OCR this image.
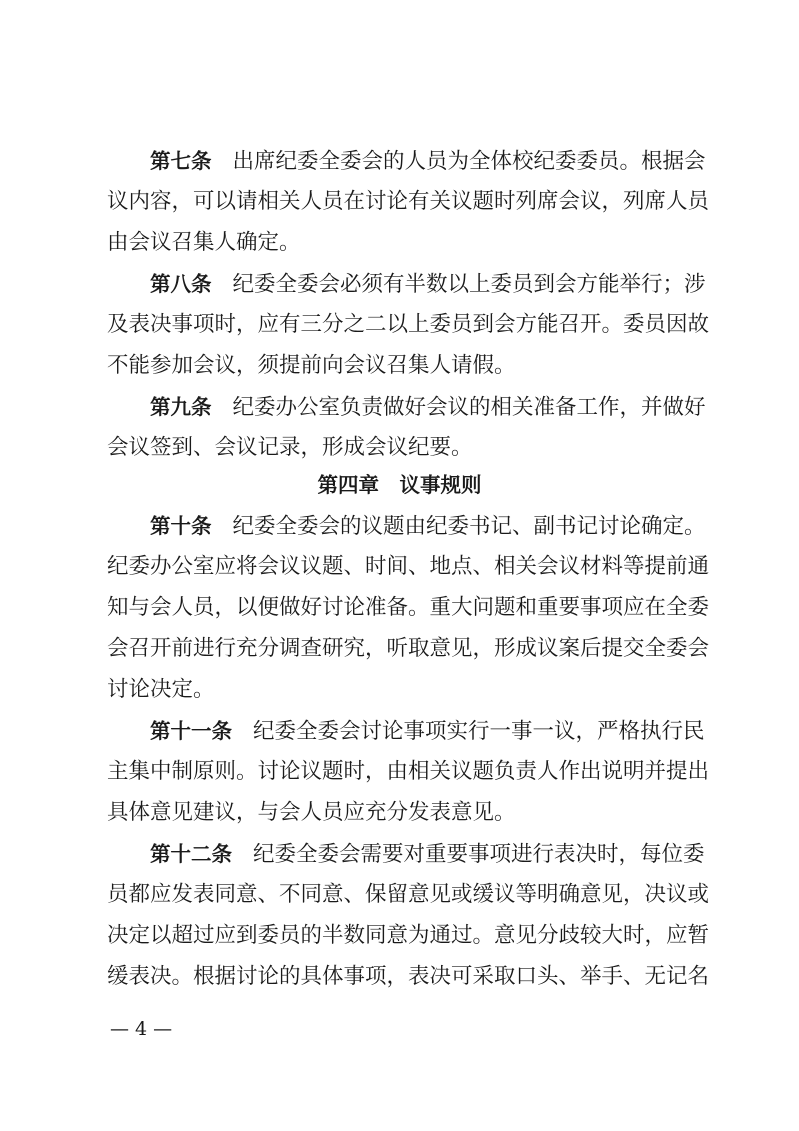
第七条 出席纪委全委会的人员为全体校纪委委员。根据会
议内容，可以请相关人员在讨论有关议题时列席会议，列席人员
由会议召集人确定。
第八条 纪委全委会必须有半数以上委员到会方能举行；涉
及表决事项时，应有三分之二以上委员到会方能召开。委员因故
不能参加会议，须提前向会议召集人请假。
第九条 纪委办公室负责做好会议的相关准备工作，并做好
会议签到、会议记录，形成会议纪要。
第四章　议事规则
第十条 纪委全委会的议题由纪委书记、副书记讨论确定。
纪委办公室应将会议议题、时间、地点、相关会议材料等提前通
知与会人员，以便做好讨论准备。重大问题和重要事项应在全委
会召开前进行充分调查研究，听取意见，形成议案后提交全委会
讨论决定。
第十一条 纪委全委会讨论事项实行一事一议，严格执行民
主集中制原则。讨论议题时，由相关议题负责人作出说明并提出
具体意见建议，与会人员应充分发表意见。
第十二条 纪委全委会需要对重要事项进行表决时，每位委
员都应发表同意、不同意、保留意见或缓议等明确意见，决议或
决定以超过应到委员的半数同意为通过。意见分歧较大时，应暂
缓表决。根据讨论的具体事项，表决可采取口头、举手、无记名
— 4 —
